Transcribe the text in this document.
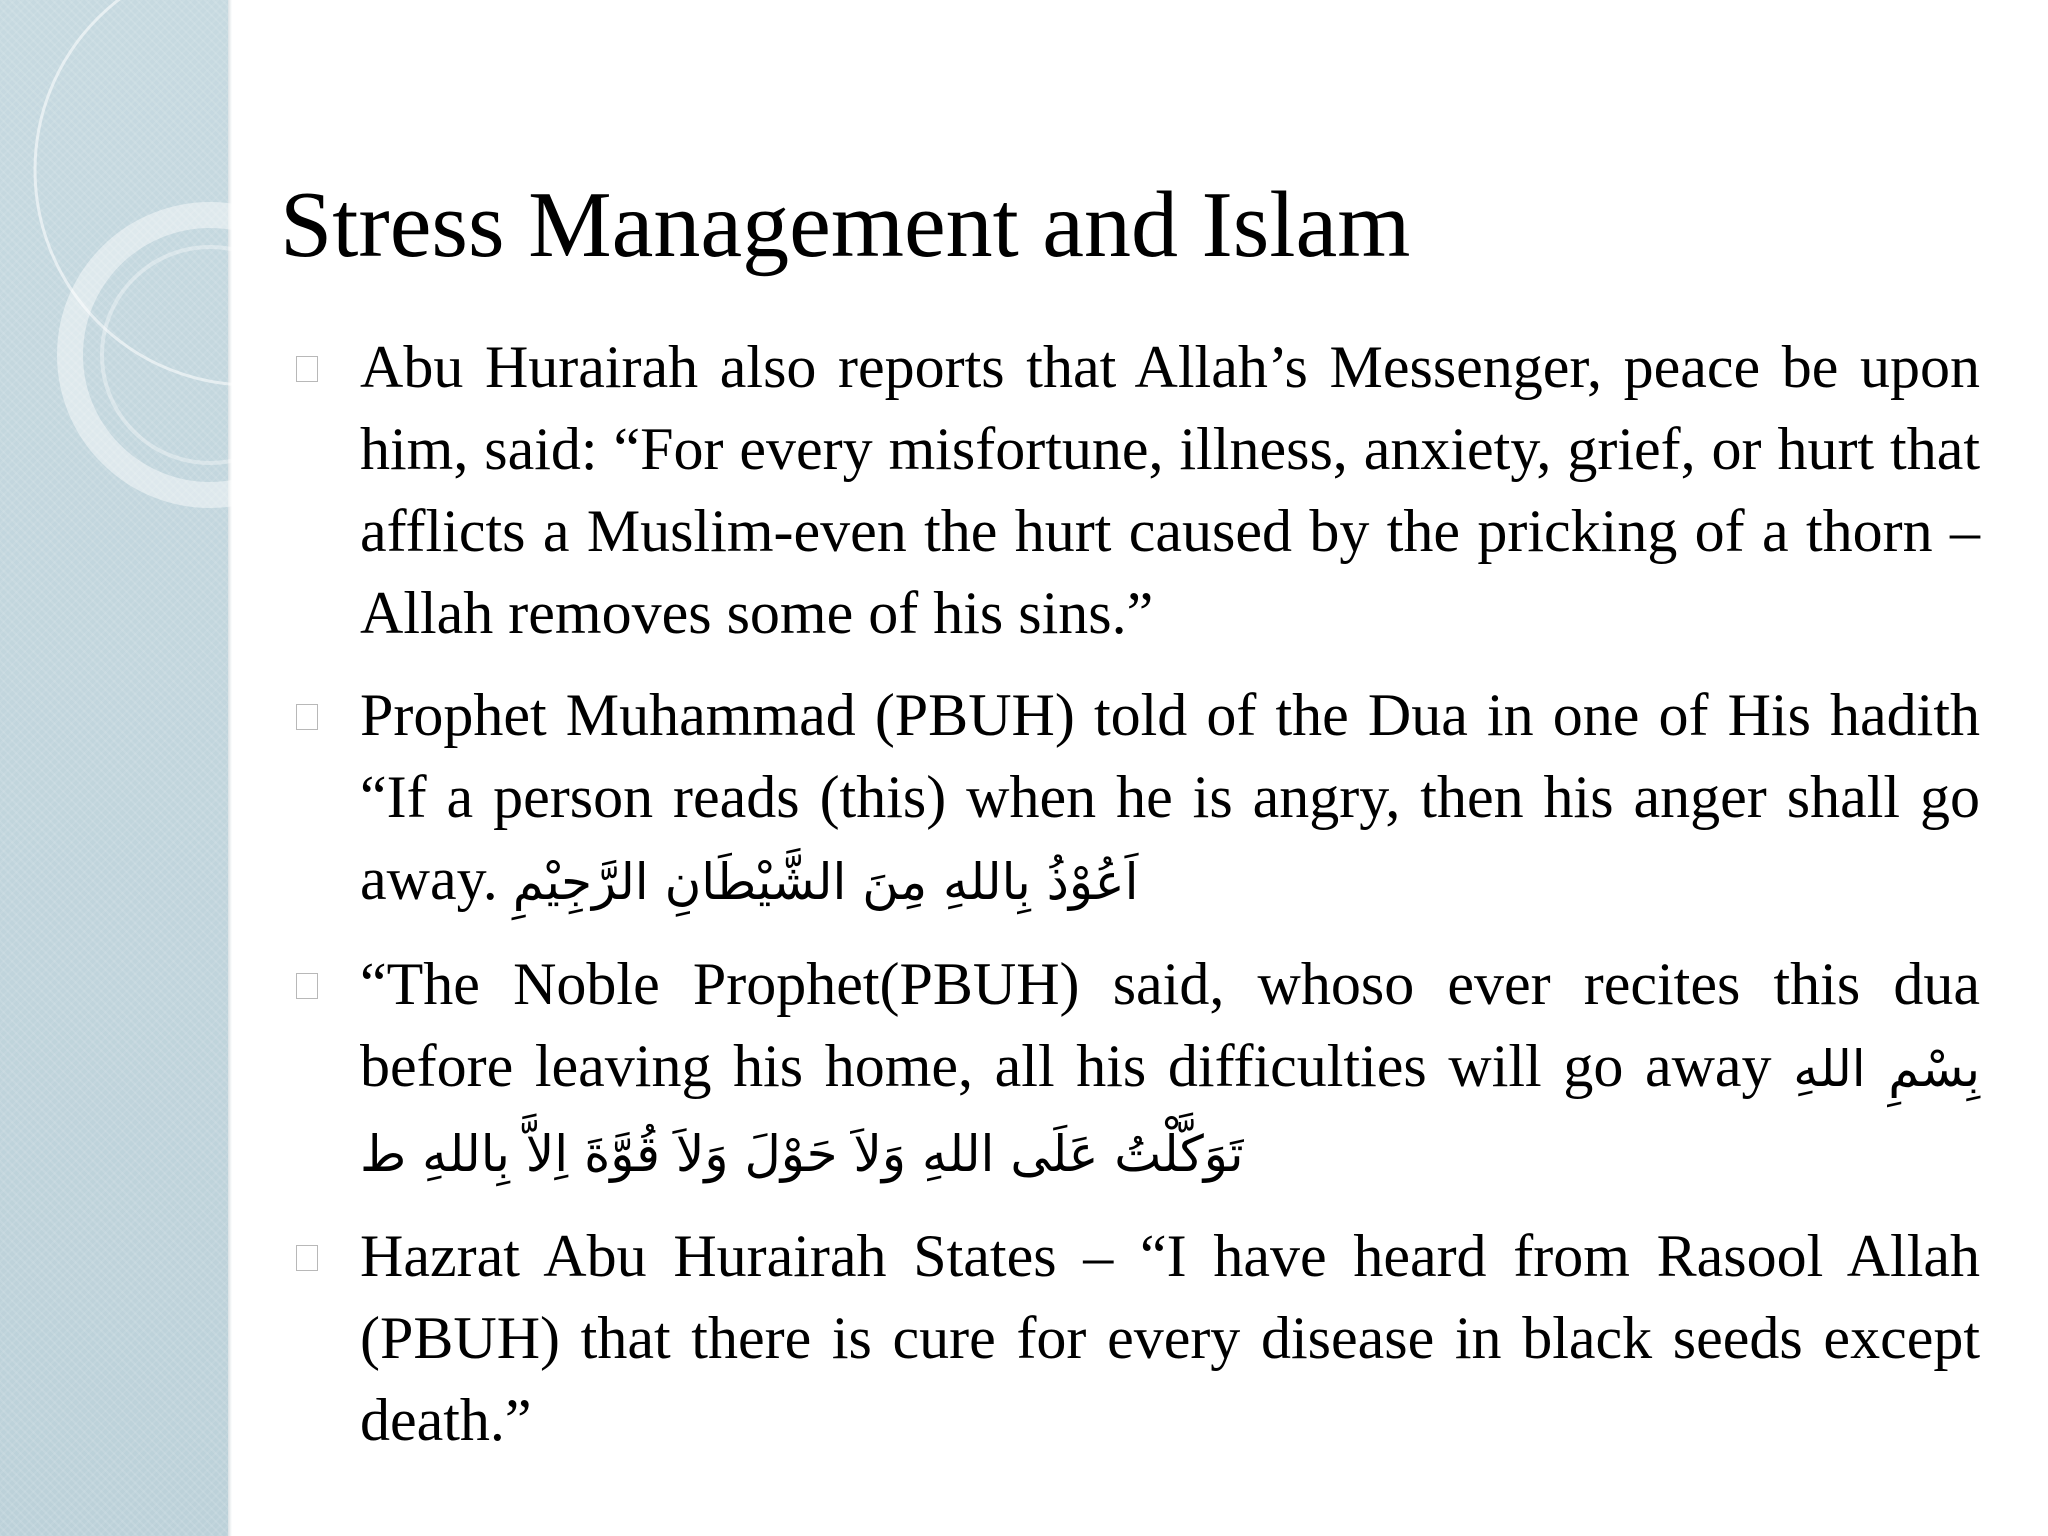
Stress Management and Islam
Abu Hurairah also reports that Allah’s Messenger, peace be upon him, said: “For every misfortune, illness, anxiety, grief, or hurt that afflicts a Muslim-even the hurt caused by the pricking of a thorn – Allah removes some of his sins.”
Prophet Muhammad (PBUH) told of the Dua in one of His hadith “If a person reads (this) when he is angry, then his anger shall go away. اَعُوْذُ بِاللهِ مِنَ الشَّيْطَانِ الرَّجِيْمِ
“The Noble Prophet(PBUH) said, whoso ever recites this dua before leaving his home, all his difficulties will go away بِسْمِ اللهِ تَوَكَّلْتُ عَلَى اللهِ وَلاَ حَوْلَ وَلاَ قُوَّةَ اِلاَّ بِاللهِ ط
Hazrat Abu Hurairah States – “I have heard from Rasool Allah (PBUH) that there is cure for every disease in black seeds except death.”
